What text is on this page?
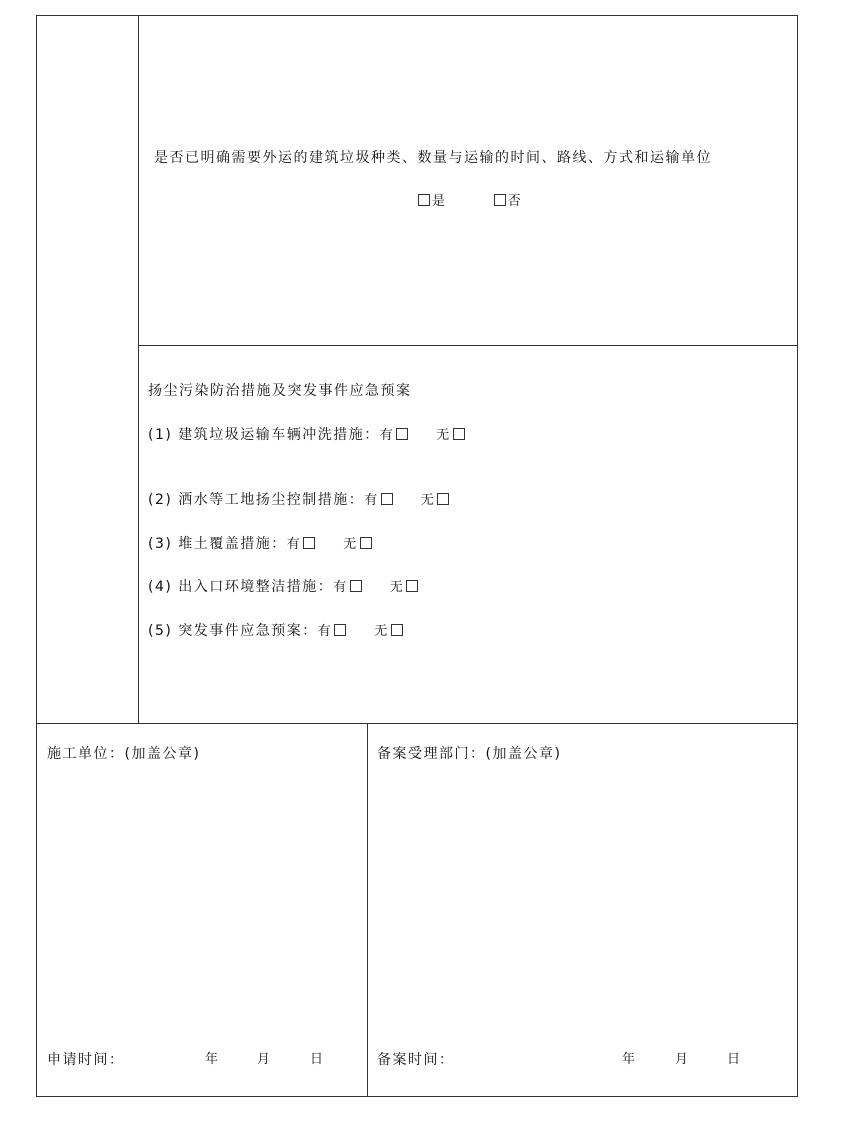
是否已明确需要外运的建筑垃圾种类、数量与运输的时间、路线、方式和运输单位
是	否
扬尘污染防治措施及突发事件应急预案
(1) 建筑垃圾运输车辆冲洗措施：有	无
(2) 洒水等工地扬尘控制措施：有	无
(3) 堆土覆盖措施：有	无
(4) 出入口环境整洁措施：有	无
(5) 突发事件应急预案：有	无
施工单位：(加盖公章)	备案受理部门：(加盖公章)
申请时间：	年	月	日	备案时间：	年	月	日
